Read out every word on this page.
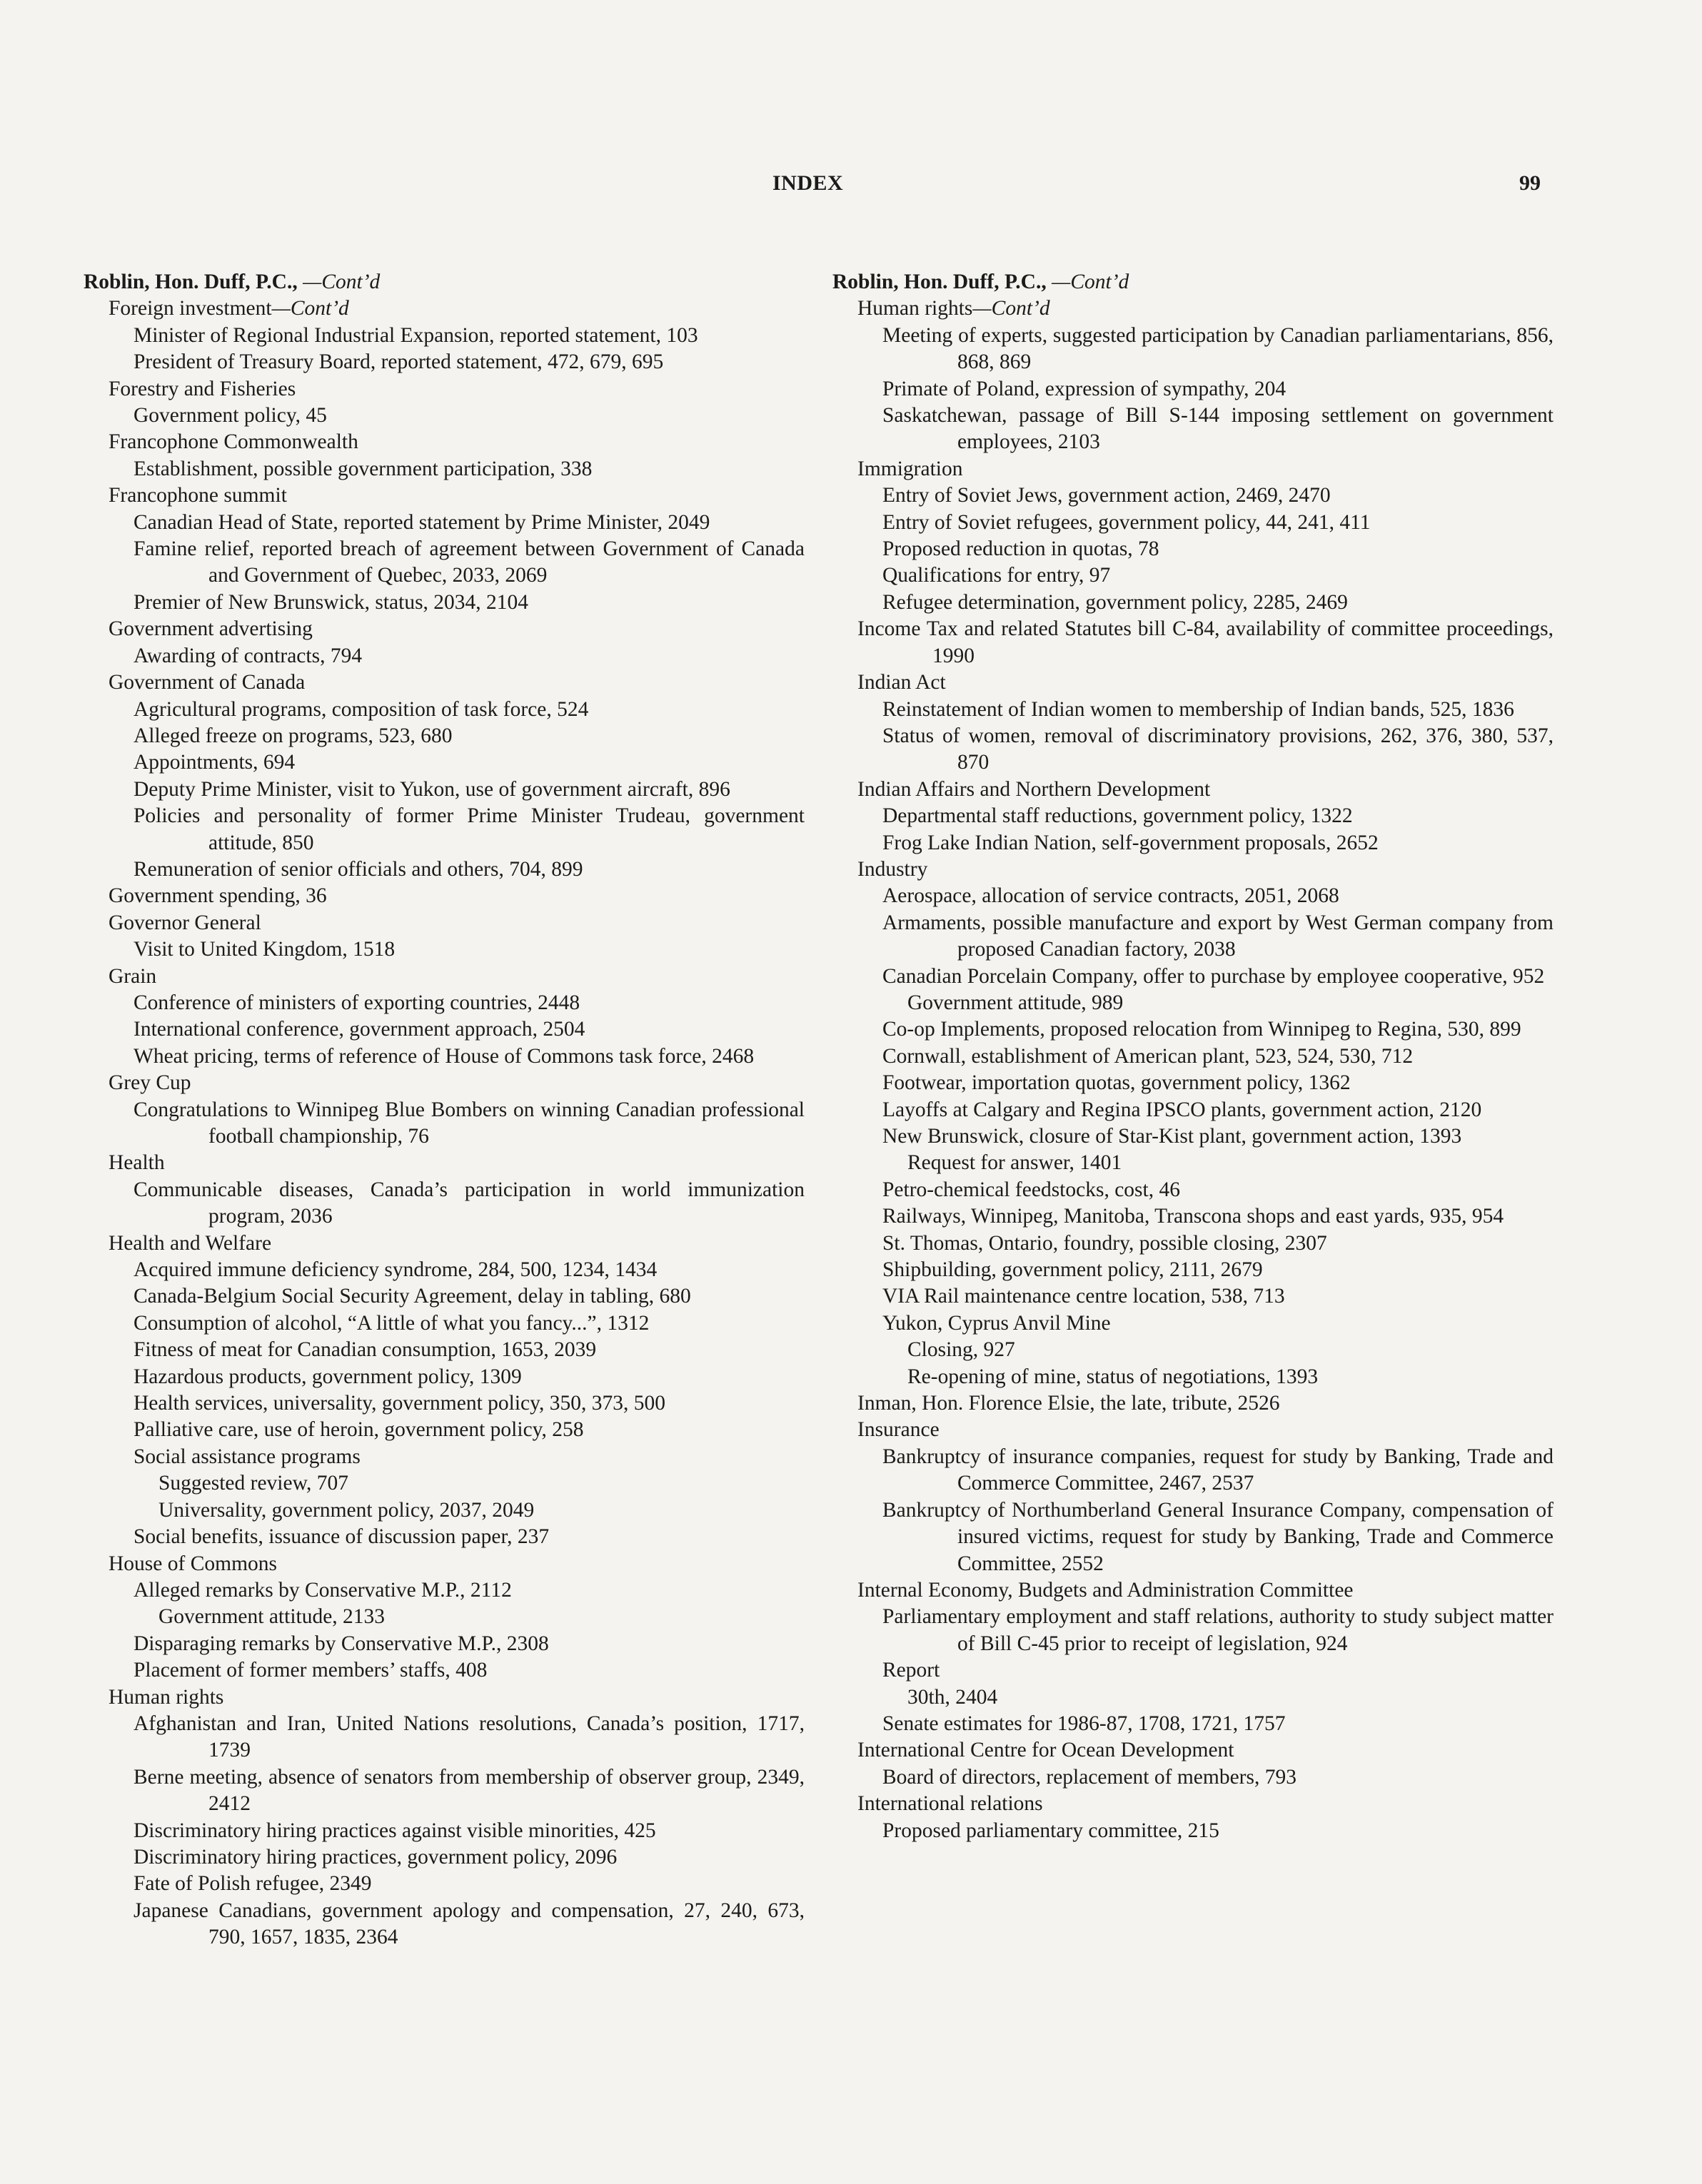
INDEX	99
Roblin, Hon. Duff, P.C., —Cont’d
Foreign investment—Cont’d
Minister of Regional Industrial Expansion, reported statement, 103
President of Treasury Board, reported statement, 472, 679, 695
Forestry and Fisheries
Government policy, 45
Francophone Commonwealth
Establishment, possible government participation, 338
Francophone summit
Canadian Head of State, reported statement by Prime Minister, 2049
Famine relief, reported breach of agreement between Government of Canada and Government of Quebec, 2033, 2069
Premier of New Brunswick, status, 2034, 2104
Government advertising
Awarding of contracts, 794
Government of Canada
Agricultural programs, composition of task force, 524
Alleged freeze on programs, 523, 680
Appointments, 694
Deputy Prime Minister, visit to Yukon, use of government aircraft, 896
Policies and personality of former Prime Minister Trudeau, government attitude, 850
Remuneration of senior officials and others, 704, 899
Government spending, 36
Governor General
Visit to United Kingdom, 1518
Grain
Conference of ministers of exporting countries, 2448
International conference, government approach, 2504
Wheat pricing, terms of reference of House of Commons task force, 2468
Grey Cup
Congratulations to Winnipeg Blue Bombers on winning Canadian professional football championship, 76
Health
Communicable diseases, Canada’s participation in world immunization program, 2036
Health and Welfare
Acquired immune deficiency syndrome, 284, 500, 1234, 1434
Canada-Belgium Social Security Agreement, delay in tabling, 680
Consumption of alcohol, “A little of what you fancy...”, 1312
Fitness of meat for Canadian consumption, 1653, 2039
Hazardous products, government policy, 1309
Health services, universality, government policy, 350, 373, 500
Palliative care, use of heroin, government policy, 258
Social assistance programs
Suggested review, 707
Universality, government policy, 2037, 2049
Social benefits, issuance of discussion paper, 237
House of Commons
Alleged remarks by Conservative M.P., 2112
Government attitude, 2133
Disparaging remarks by Conservative M.P., 2308
Placement of former members’ staffs, 408
Human rights
Afghanistan and Iran, United Nations resolutions, Canada’s position, 1717, 1739
Berne meeting, absence of senators from membership of observer group, 2349, 2412
Discriminatory hiring practices against visible minorities, 425
Discriminatory hiring practices, government policy, 2096
Fate of Polish refugee, 2349
Japanese Canadians, government apology and compensation, 27, 240, 673, 790, 1657, 1835, 2364
Roblin, Hon. Duff, P.C., —Cont’d
Human rights—Cont’d
Meeting of experts, suggested participation by Canadian parliamentarians, 856, 868, 869
Primate of Poland, expression of sympathy, 204
Saskatchewan, passage of Bill S-144 imposing settlement on government employees, 2103
Immigration
Entry of Soviet Jews, government action, 2469, 2470
Entry of Soviet refugees, government policy, 44, 241, 411
Proposed reduction in quotas, 78
Qualifications for entry, 97
Refugee determination, government policy, 2285, 2469
Income Tax and related Statutes bill C-84, availability of committee proceedings, 1990
Indian Act
Reinstatement of Indian women to membership of Indian bands, 525, 1836
Status of women, removal of discriminatory provisions, 262, 376, 380, 537, 870
Indian Affairs and Northern Development
Departmental staff reductions, government policy, 1322
Frog Lake Indian Nation, self-government proposals, 2652
Industry
Aerospace, allocation of service contracts, 2051, 2068
Armaments, possible manufacture and export by West German company from proposed Canadian factory, 2038
Canadian Porcelain Company, offer to purchase by employee cooperative, 952
Government attitude, 989
Co-op Implements, proposed relocation from Winnipeg to Regina, 530, 899
Cornwall, establishment of American plant, 523, 524, 530, 712
Footwear, importation quotas, government policy, 1362
Layoffs at Calgary and Regina IPSCO plants, government action, 2120
New Brunswick, closure of Star-Kist plant, government action, 1393
Request for answer, 1401
Petro-chemical feedstocks, cost, 46
Railways, Winnipeg, Manitoba, Transcona shops and east yards, 935, 954
St. Thomas, Ontario, foundry, possible closing, 2307
Shipbuilding, government policy, 2111, 2679
VIA Rail maintenance centre location, 538, 713
Yukon, Cyprus Anvil Mine
Closing, 927
Re-opening of mine, status of negotiations, 1393
Inman, Hon. Florence Elsie, the late, tribute, 2526
Insurance
Bankruptcy of insurance companies, request for study by Banking, Trade and Commerce Committee, 2467, 2537
Bankruptcy of Northumberland General Insurance Company, compensation of insured victims, request for study by Banking, Trade and Commerce Committee, 2552
Internal Economy, Budgets and Administration Committee
Parliamentary employment and staff relations, authority to study subject matter of Bill C-45 prior to receipt of legislation, 924
Report
30th, 2404
Senate estimates for 1986-87, 1708, 1721, 1757
International Centre for Ocean Development
Board of directors, replacement of members, 793
International relations
Proposed parliamentary committee, 215
